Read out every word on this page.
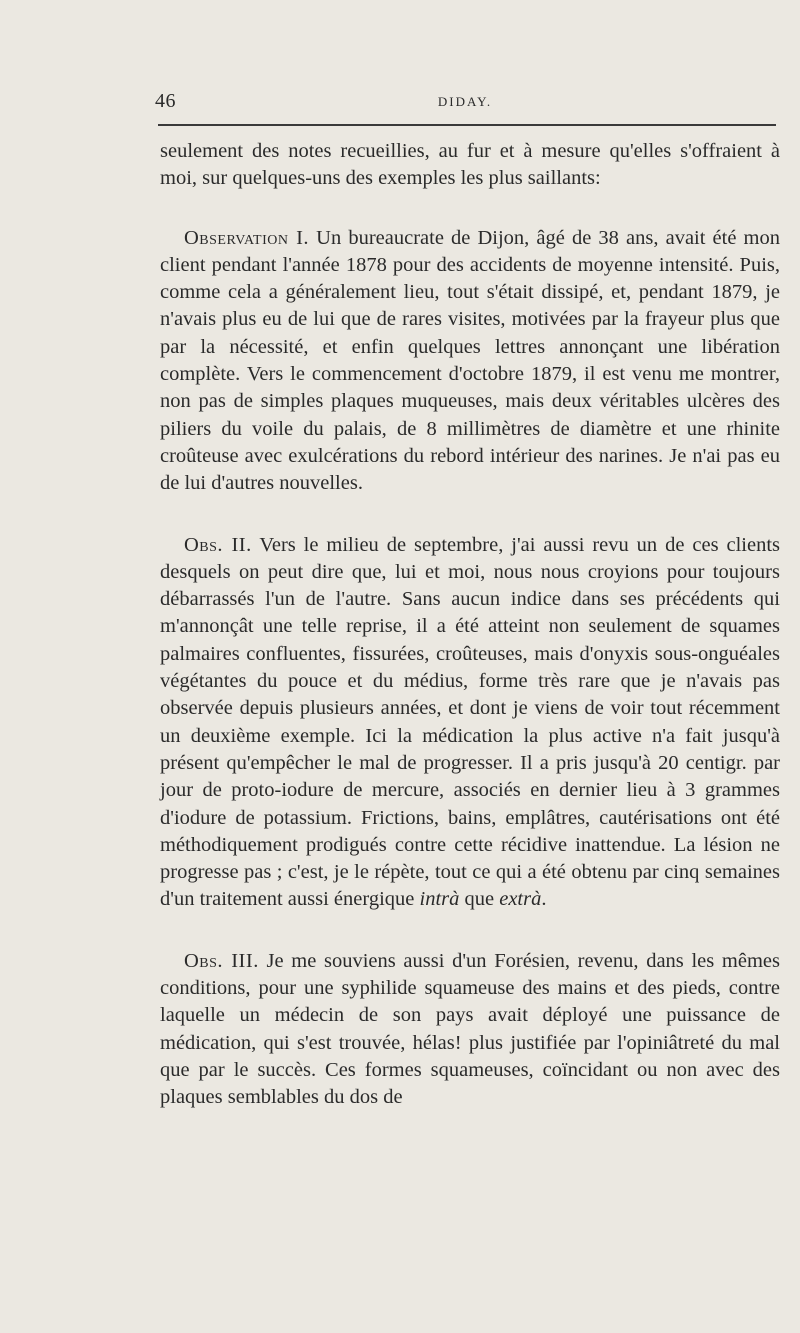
46	DIDAY.

seulement des notes recueillies, au fur et à mesure qu'elles s'offraient à moi, sur quelques-uns des exemples les plus saillants:

Observation I. Un bureaucrate de Dijon, âgé de 38 ans, avait été mon client pendant l'année 1878 pour des accidents de moyenne intensité. Puis, comme cela a généralement lieu, tout s'était dissipé, et, pendant 1879, je n'avais plus eu de lui que de rares visites, motivées par la frayeur plus que par la nécessité, et enfin quelques lettres annonçant une libération complète. Vers le commencement d'octobre 1879, il est venu me montrer, non pas de simples plaques muqueuses, mais deux véritables ulcères des piliers du voile du palais, de 8 millimètres de diamètre et une rhinite croûteuse avec exulcérations du rebord intérieur des narines. Je n'ai pas eu de lui d'autres nouvelles.

Obs. II. Vers le milieu de septembre, j'ai aussi revu un de ces clients desquels on peut dire que, lui et moi, nous nous croyions pour toujours débarrassés l'un de l'autre. Sans aucun indice dans ses précédents qui m'annonçât une telle reprise, il a été atteint non seulement de squames palmaires confluentes, fissurées, croûteuses, mais d'onyxis sous-onguéales végétantes du pouce et du médius, forme très rare que je n'avais pas observée depuis plusieurs années, et dont je viens de voir tout récemment un deuxième exemple. Ici la médication la plus active n'a fait jusqu'à présent qu'empêcher le mal de progresser. Il a pris jusqu'à 20 centigr. par jour de proto-iodure de mercure, associés en dernier lieu à 3 grammes d'iodure de potassium. Frictions, bains, emplâtres, cautérisations ont été méthodiquement prodigués contre cette récidive inattendue. La lésion ne progresse pas ; c'est, je le répète, tout ce qui a été obtenu par cinq semaines d'un traitement aussi énergique intrà que extrà.

Obs. III. Je me souviens aussi d'un Forésien, revenu, dans les mêmes conditions, pour une syphilide squameuse des mains et des pieds, contre laquelle un médecin de son pays avait déployé une puissance de médication, qui s'est trouvée, hélas! plus justifiée par l'opiniâtreté du mal que par le succès. Ces formes squameuses, coïncidant ou non avec des plaques semblables du dos de
